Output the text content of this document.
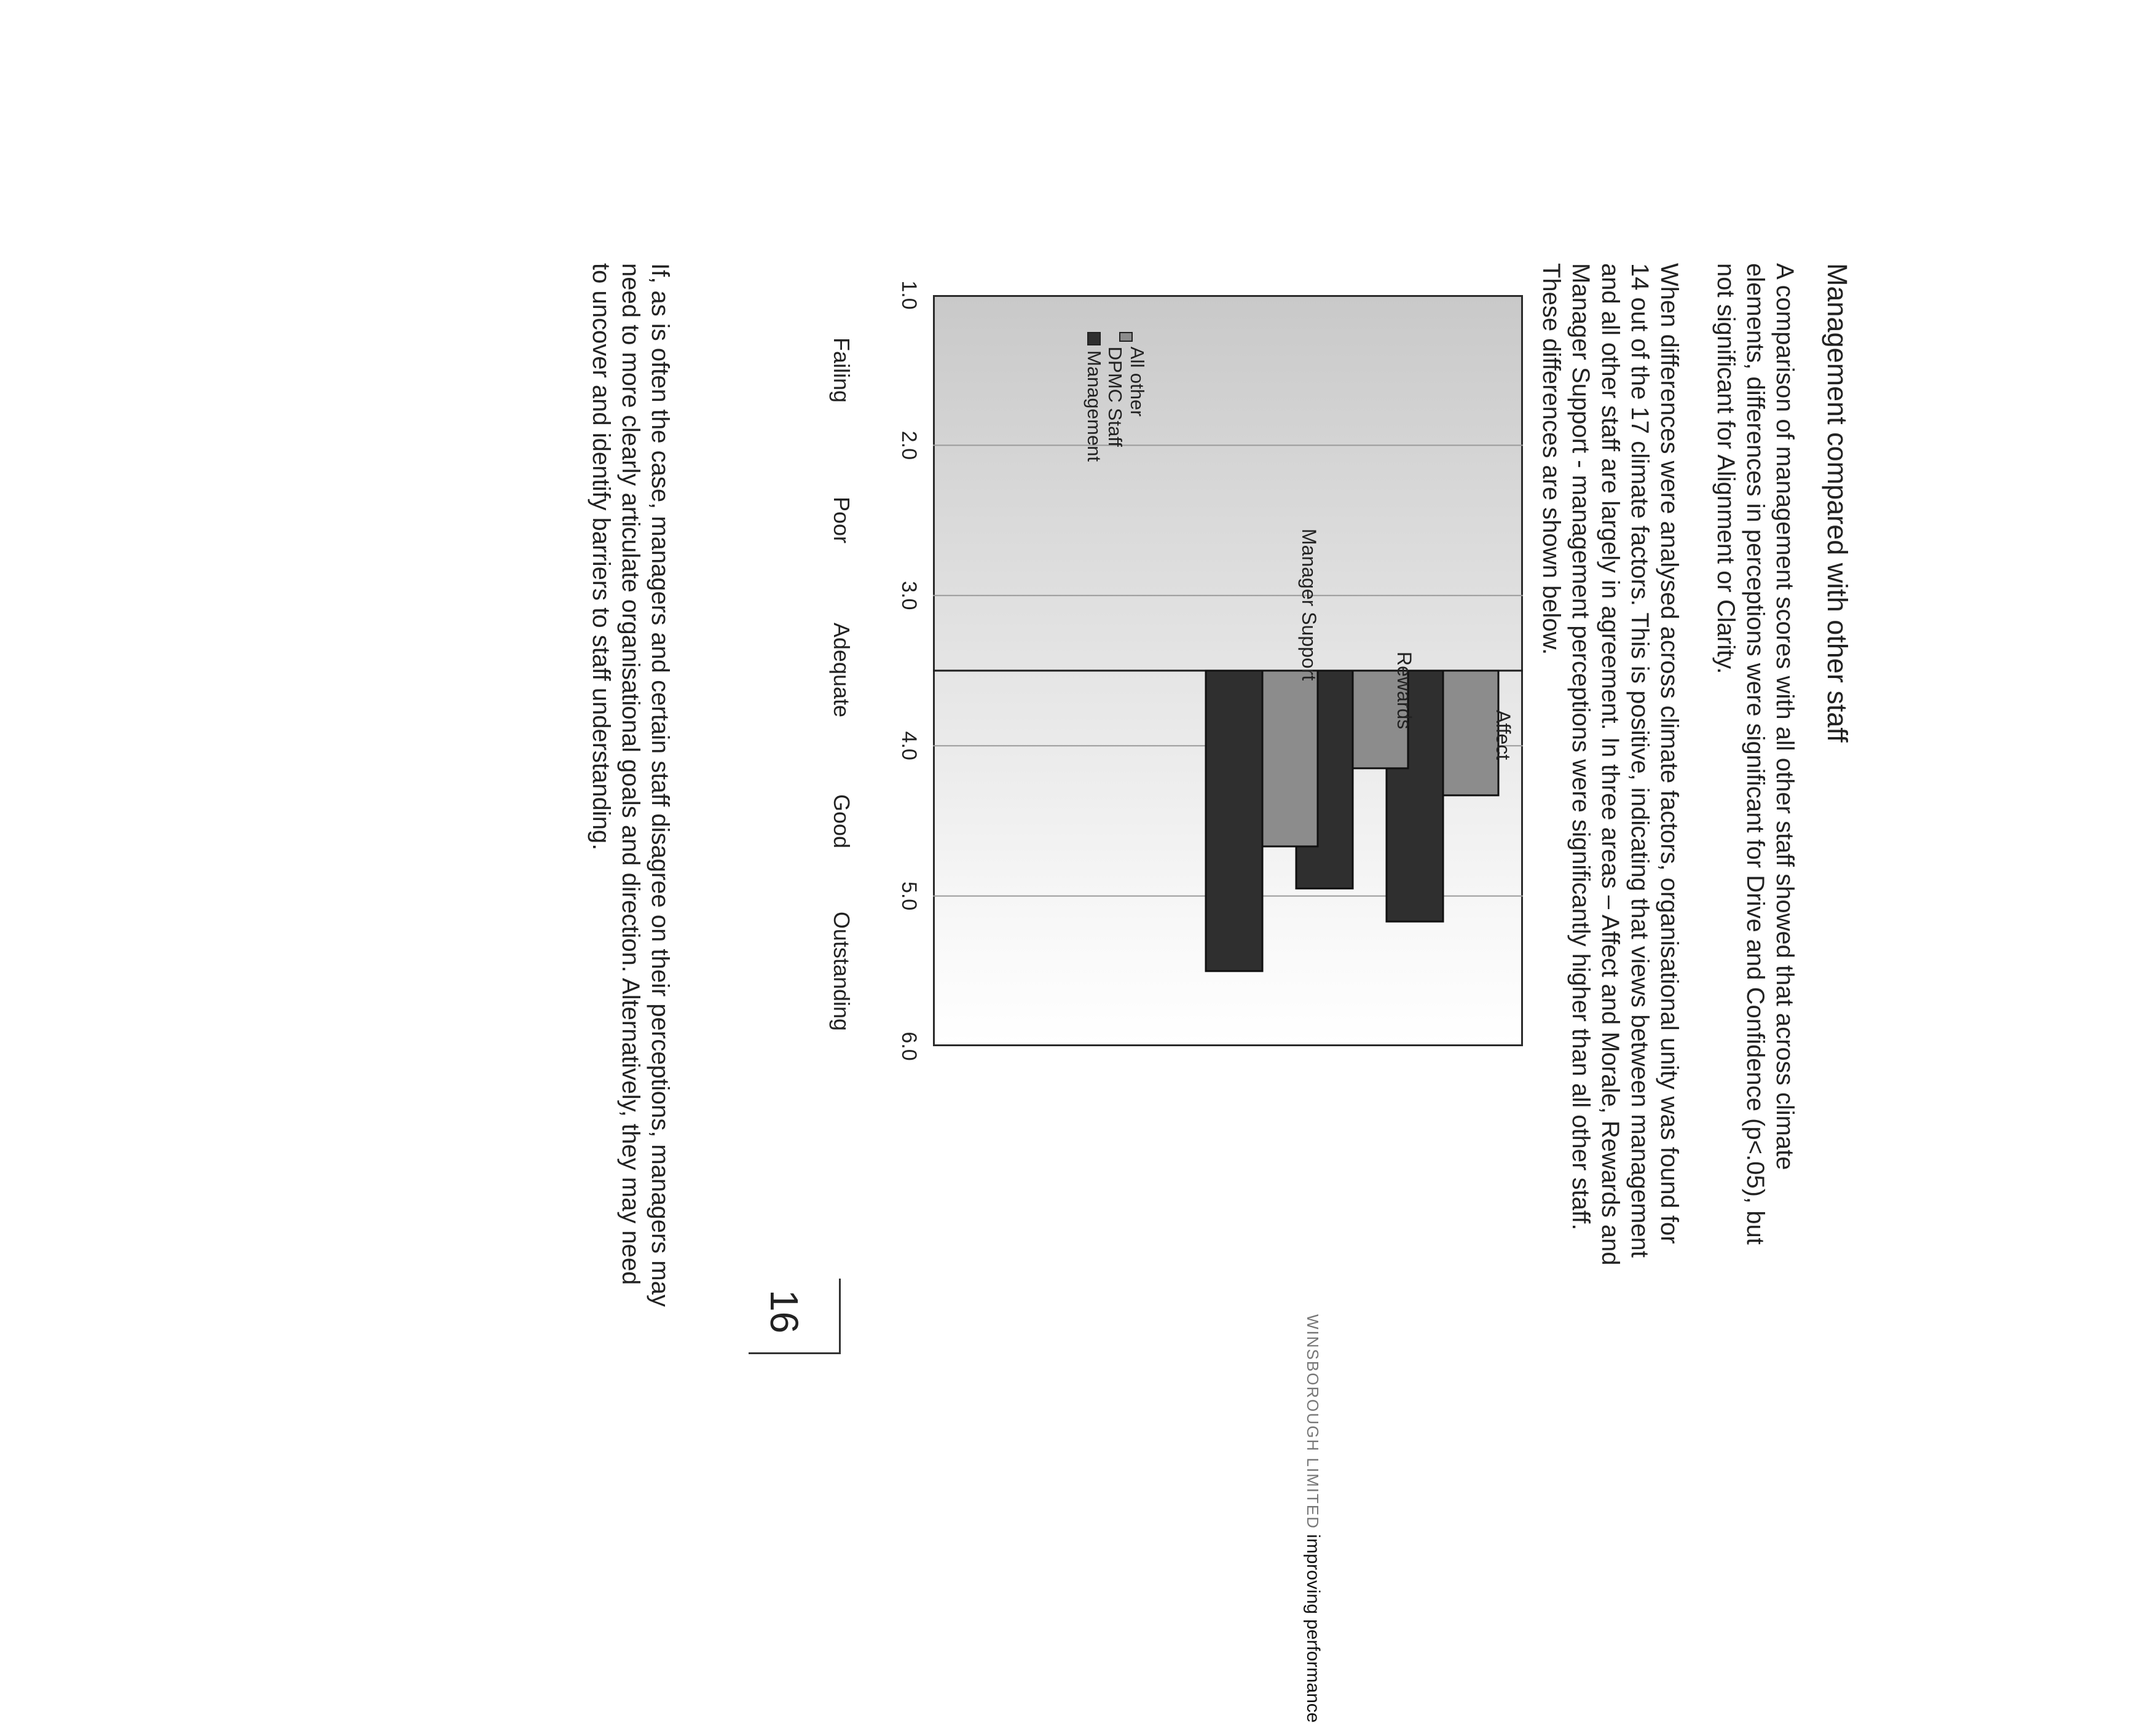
Management compared with other staff

A comparison of management scores with all other staff showed that across climate elements, differences in perceptions were significant for Drive and Confidence (p<.05), but not significant for Alignment or Clarity.

When differences were analysed across climate factors, organisational unity was found for 14 out of the 17 climate factors. This is positive, indicating that views between management and all other staff are largely in agreement. In three areas – Affect and Morale, Rewards and Manager Support - management perceptions were significantly higher than all other staff. These differences are shown below.

1.0
2.0
3.0
4.0
5.0
6.0
All other DPMC Staff
Management
Affect
Rewards
Manager Support
Failing
Poor
Adequate
Good
Outstanding

If, as is often the case, managers and certain staff disagree on their perceptions, managers may need to more clearly articulate organisational goals and direction. Alternatively, they may need to uncover and identify barriers to staff understanding.

WINSBOROUGH LIMITED improving performance
16
